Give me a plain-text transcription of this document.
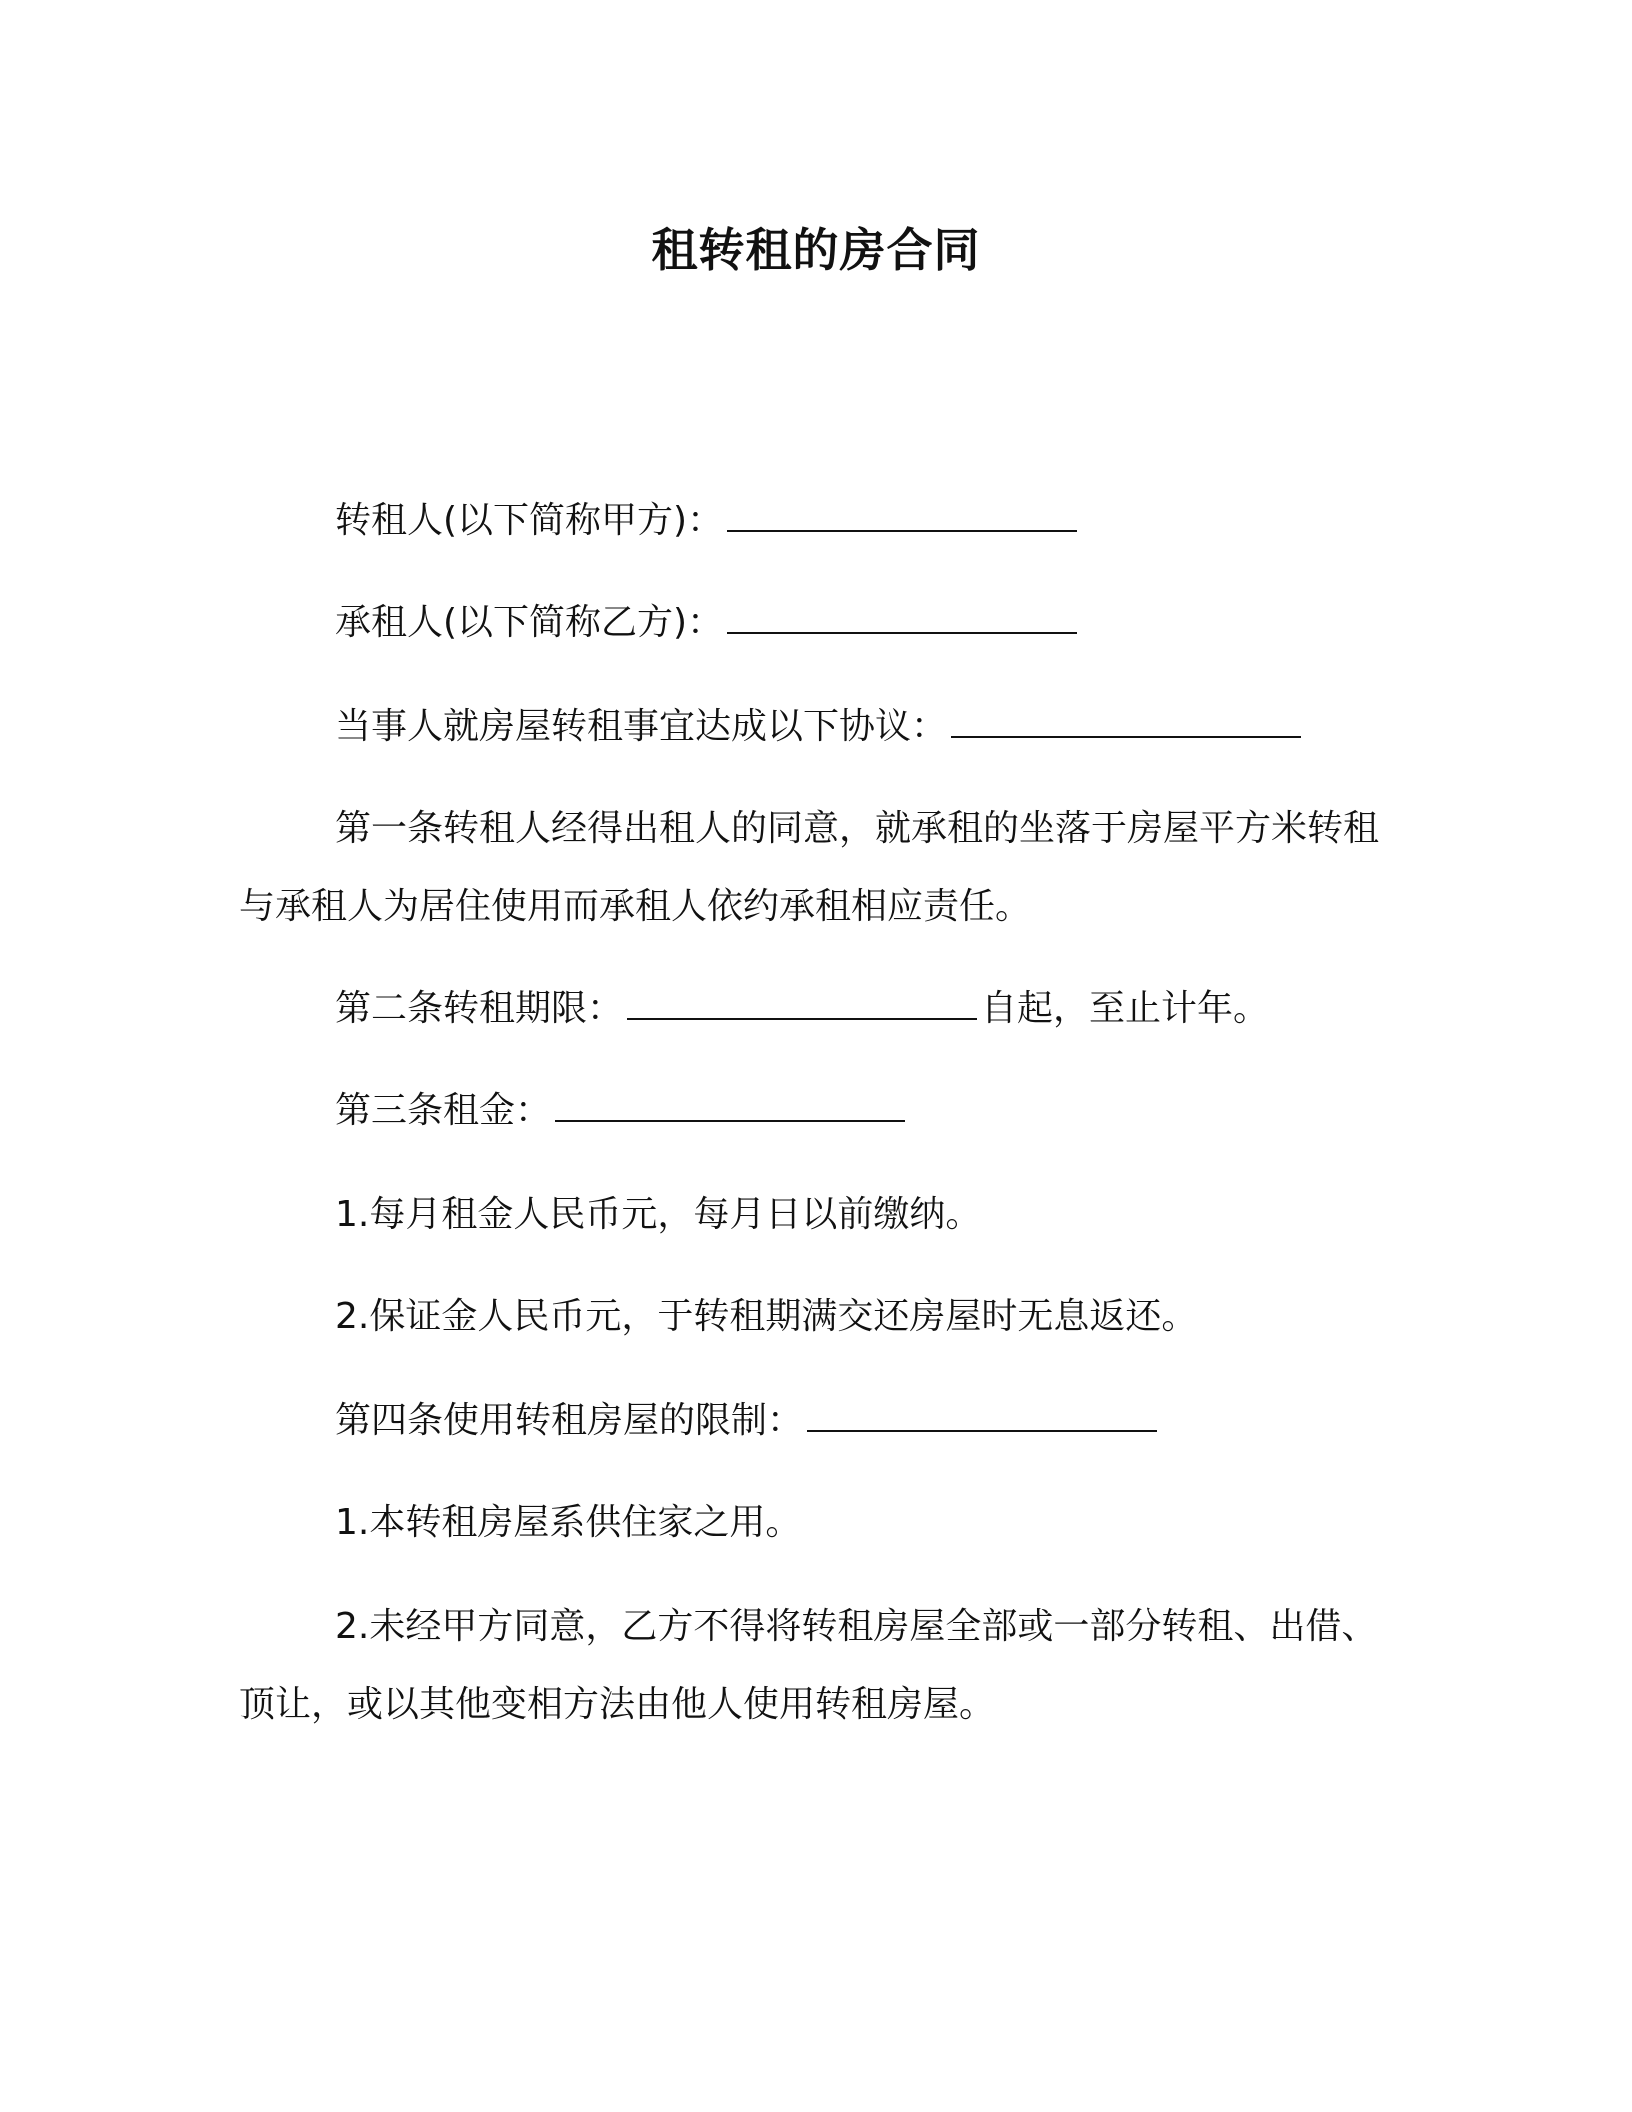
租转租的房合同
转租人(以下简称甲方)：
承租人(以下简称乙方)：
当事人就房屋转租事宜达成以下协议：
第一条转租人经得出租人的同意，就承租的坐落于房屋平方米转租与承租人为居住使用而承租人依约承租相应责任。
第二条转租期限：	自起，至止计年。
第三条租金：
1.每月租金人民币元，每月日以前缴纳。
2.保证金人民币元，于转租期满交还房屋时无息返还。
第四条使用转租房屋的限制：
1.本转租房屋系供住家之用。
2.未经甲方同意，乙方不得将转租房屋全部或一部分转租、出借、顶让，或以其他变相方法由他人使用转租房屋。
